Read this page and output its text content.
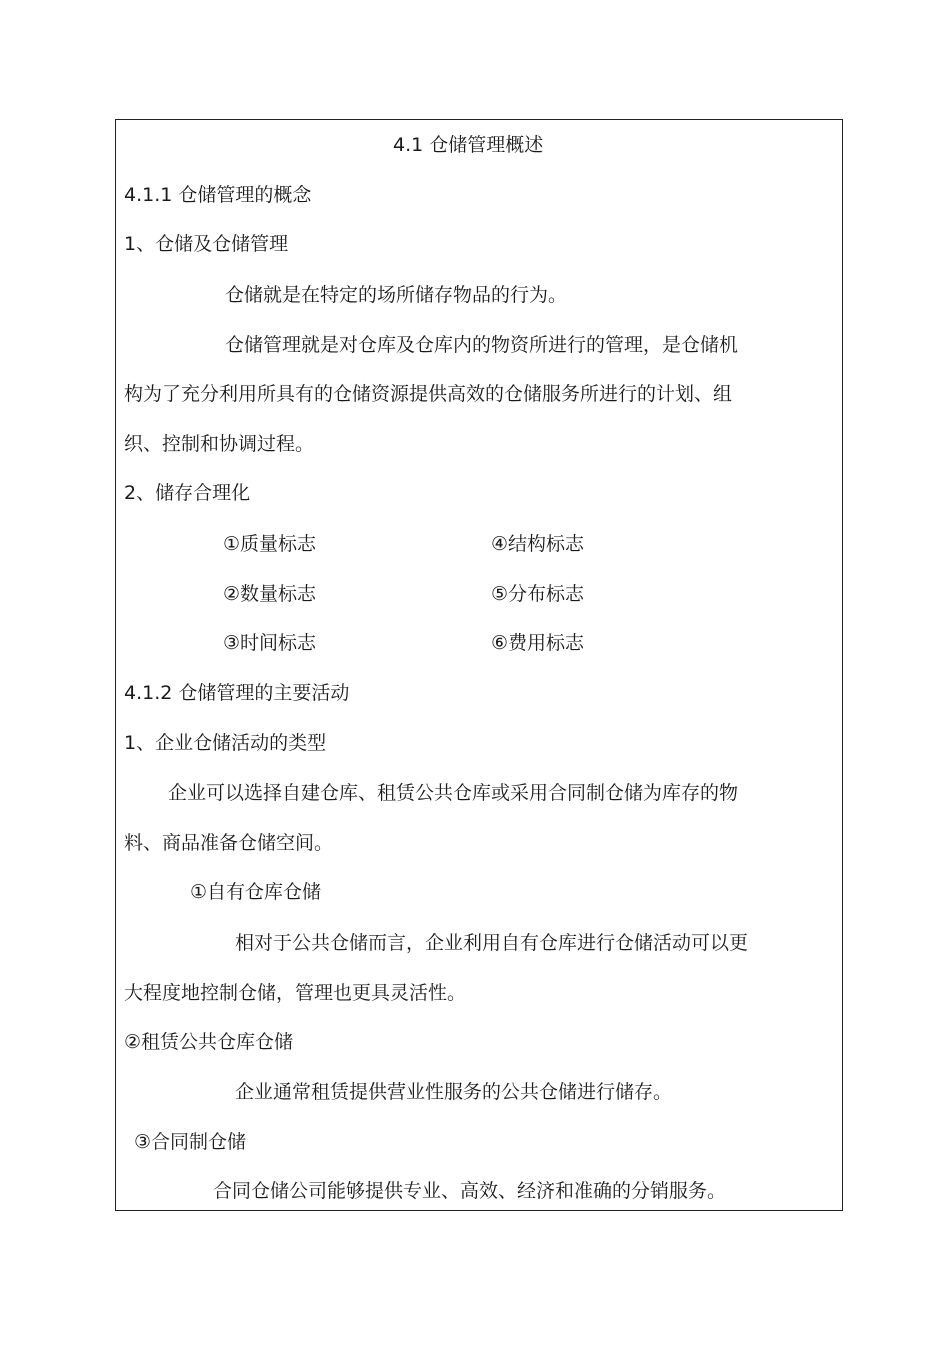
4.1 仓储管理概述
4.1.1 仓储管理的概念
1、仓储及仓储管理
仓储就是在特定的场所储存物品的行为。
仓储管理就是对仓库及仓库内的物资所进行的管理，是仓储机
构为了充分利用所具有的仓储资源提供高效的仓储服务所进行的计划、组
织、控制和协调过程。
2、储存合理化
①质量标志	④结构标志
②数量标志	⑤分布标志
③时间标志	⑥费用标志
4.1.2 仓储管理的主要活动
1、企业仓储活动的类型
企业可以选择自建仓库、租赁公共仓库或采用合同制仓储为库存的物
料、商品准备仓储空间。
①自有仓库仓储
相对于公共仓储而言，企业利用自有仓库进行仓储活动可以更
大程度地控制仓储，管理也更具灵活性。
②租赁公共仓库仓储
企业通常租赁提供营业性服务的公共仓储进行储存。
③合同制仓储
合同仓储公司能够提供专业、高效、经济和准确的分销服务。
